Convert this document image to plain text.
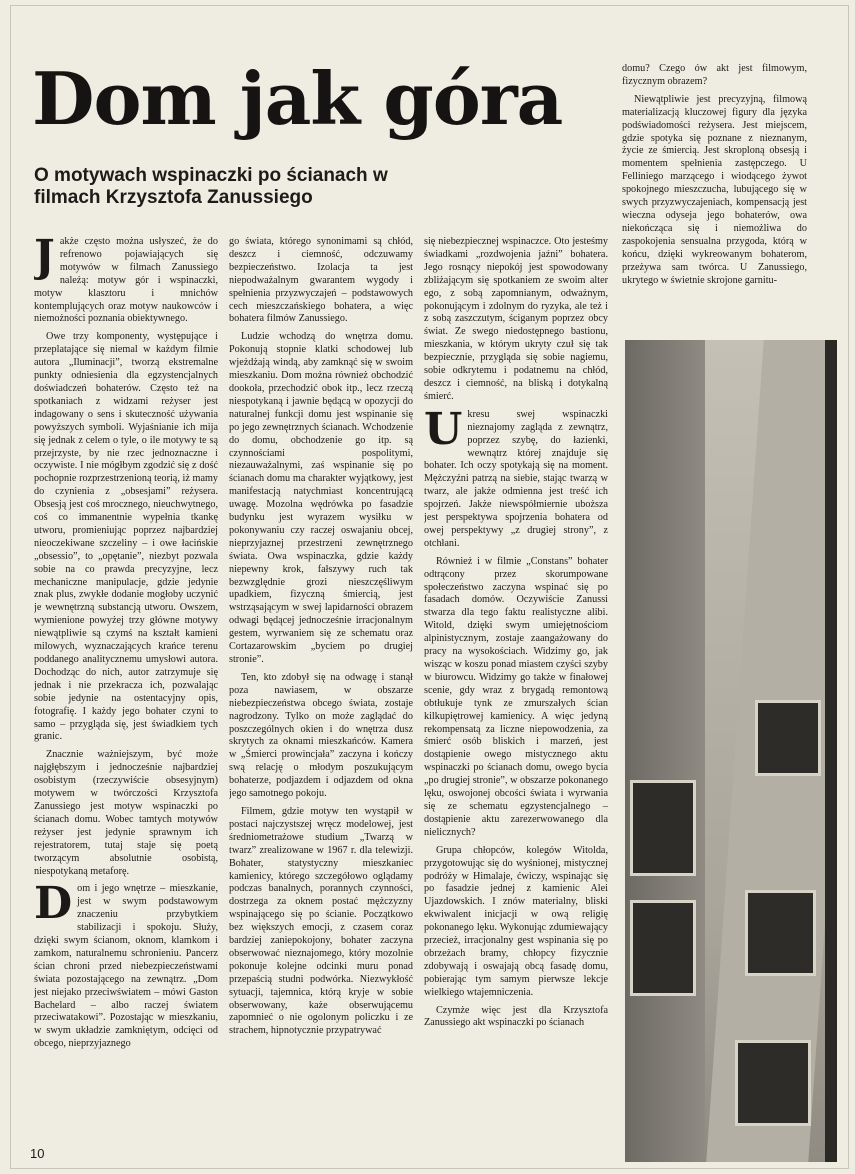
Dom jak góra
O motywach wspinaczki po ścianach w filmach Krzysztofa Zanussiego

Jakże często można usłyszeć, że do refrenowo pojawiających się motywów w filmach Zanussiego należą: motyw gór i wspinaczki, motyw klasztoru i mnichów kontemplujących oraz motyw naukowców i niemożności poznania obiektywnego.

Owe trzy komponenty, występujące i przeplatające się niemal w każdym filmie autora „Iluminacji”, tworzą ekstremalne punkty odniesienia dla egzystencjalnych doświadczeń bohaterów. Często też na spotkaniach z widzami reżyser jest indagowany o sens i skuteczność używania powyższych symboli. Wyjaśnianie ich mija się jednak z celem o tyle, o ile motywy te są przejrzyste, by nie rzec jednoznaczne i oczywiste. I nie mógłbym zgodzić się z dość pochopnie rozprzestrzenioną teorią, iż mamy do czynienia z „obsesjami” reżysera. Obsesją jest coś mrocznego, nieuchwytnego, coś co immanentnie wypełnia tkankę utworu, promieniując poprzez najbardziej nieoczekiwane szczeliny – i owe łacińskie „obsessio”, to „opętanie”, niezbyt pozwala sobie na co prawda precyzyjne, lecz mechaniczne manipulacje, gdzie jedynie znak plus, zwykłe dodanie mogłoby uczynić je wewnętrzną substancją utworu. Owszem, wymienione powyżej trzy główne motywy niewątpliwie są czymś na kształt kamieni milowych, wyznaczających krańce terenu poddanego analitycznemu umysłowi autora. Dochodząc do nich, autor zatrzymuje się jednak i nie przekracza ich, pozwalając sobie jedynie na ostentacyjny opis, fotografię. I każdy jego bohater czyni to samo – przygląda się, jest świadkiem tych granic.

Znacznie ważniejszym, być może najgłębszym i jednocześnie najbardziej osobistym (rzeczywiście obsesyjnym) motywem w twórczości Krzysztofa Zanussiego jest motyw wspinaczki po ścianach domu. Wobec tamtych motywów reżyser jest jedynie sprawnym ich rejestratorem, tutaj staje się poetą tworzącym absolutnie osobistą, niespotykaną metaforę.

Dom i jego wnętrze – mieszkanie, jest w swym podstawowym znaczeniu przybytkiem stabilizacji i spokoju. Służy, dzięki swym ścianom, oknom, klamkom i zamkom, naturalnemu schronieniu. Pancerz ścian chroni przed niebezpieczeństwami świata pozostającego na zewnątrz. „Dom jest niejako przeciwświatem – mówi Gaston Bachelard – albo raczej światem przeciwatakowi”. Pozostając w mieszkaniu, w swym układzie zamkniętym, odcięci od obcego, nieprzyjaznego

go świata, którego synonimami są chłód, deszcz i ciemność, odczuwamy bezpieczeństwo. Izolacja ta jest niepodważalnym gwarantem wygody i spełnienia przyzwyczajeń – podstawowych cech mieszczańskiego bohatera, a więc bohatera filmów Zanussiego.

Ludzie wchodzą do wnętrza domu. Pokonują stopnie klatki schodowej lub wjeżdżają windą, aby zamknąć się w swoim mieszkaniu. Dom można również obchodzić dookoła, przechodzić obok itp., lecz rzeczą niespotykaną i jawnie będącą w opozycji do naturalnej funkcji domu jest wspinanie się po jego zewnętrznych ścianach. Wchodzenie do domu, obchodzenie go itp. są czynnościami pospolitymi, niezauważalnymi, zaś wspinanie się po ścianach domu ma charakter wyjątkowy, jest manifestacją natychmiast koncentrującą uwagę. Mozolna wędrówka po fasadzie budynku jest wyrazem wysiłku w pokonywaniu czy raczej oswajaniu obcej, nieprzyjaznej przestrzeni zewnętrznego świata. Owa wspinaczka, gdzie każdy niepewny krok, fałszywy ruch tak bezwzględnie grozi nieszczęśliwym upadkiem, fizyczną śmiercią, jest wstrząsającym w swej lapidarności obrazem odwagi będącej jednocześnie irracjonalnym gestem, wyrwaniem się ze schematu oraz Cortazarowskim „byciem po drugiej stronie”.

Ten, kto zdobył się na odwagę i stanął poza nawiasem, w obszarze niebezpieczeństwa obcego świata, zostaje nagrodzony. Tylko on może zaglądać do poszczególnych okien i do wnętrza dusz skrytych za oknami mieszkańców. Kamera w „Śmierci prowincjała” zaczyna i kończy swą relację o młodym poszukującym bohaterze, podjazdem i odjazdem od okna jego samotnego pokoju.

Filmem, gdzie motyw ten wystąpił w postaci najczystszej wręcz modelowej, jest średniometrażowe studium „Twarzą w twarz” zrealizowane w 1967 r. dla telewizji. Bohater, statystyczny mieszkaniec kamienicy, którego szczegółowo oglądamy podczas banalnych, porannych czynności, dostrzega za oknem postać mężczyzny wspinającego się po ścianie. Początkowo bez większych emocji, z czasem coraz bardziej zaniepokojony, bohater zaczyna obserwować nieznajomego, który mozolnie pokonuje kolejne odcinki muru ponad przepaścią studni podwórka. Niezwykłość sytuacji, tajemnica, którą kryje w sobie obserwowany, każe obserwującemu zapomnieć o nie ogolonym policzku i ze strachem, hipnotycznie przypatrywać

się niebezpiecznej wspinaczce. Oto jesteśmy świadkami „rozdwojenia jaźni” bohatera. Jego rosnący niepokój jest spowodowany zbliżającym się spotkaniem ze swoim alter ego, z sobą zapomnianym, odważnym, pokonującym i zdolnym do ryzyka, ale też i z sobą zaszczutym, ściganym poprzez obcy świat. Ze swego niedostępnego bastionu, mieszkania, w którym ukryty czuł się tak bezpiecznie, przygląda się sobie nagiemu, sobie odkrytemu i podatnemu na chłód, deszcz i ciemność, na bliską i dotykalną śmierć.

Ukresu swej wspinaczki nieznajomy zagląda z zewnątrz, poprzez szybę, do łazienki, wewnątrz której znajduje się bohater. Ich oczy spotykają się na moment. Mężczyźni patrzą na siebie, stając twarzą w twarz, ale jakże odmienna jest treść ich spojrzeń. Jakże niewspółmiernie uboższa jest perspektywa spojrzenia bohatera od owej perspektywy „z drugiej strony”, z otchłani.

Również i w filmie „Constans” bohater odtrącony przez skorumpowane społeczeństwo zaczyna wspinać się po fasadach domów. Oczywiście Zanussi stwarza dla tego faktu realistyczne alibi. Witold, dzięki swym umiejętnościom alpinistycznym, zostaje zaangażowany do pracy na wysokościach. Widzimy go, jak wisząc w koszu ponad miastem czyści szyby w biurowcu. Widzimy go także w finałowej scenie, gdy wraz z brygadą remontową obtłukuje tynk ze zmurszałych ścian kilkupiętrowej kamienicy. A więc jedyną rekompensatą za liczne niepowodzenia, za śmierć osób bliskich i marzeń, jest dostąpienie owego mistycznego aktu wspinaczki po ścianach domu, owego bycia „po drugiej stronie”, w obszarze pokonanego lęku, oswojonej obcości świata i wyrwania się ze schematu egzystencjalnego – dostąpienie aktu zarezerwowanego dla nielicznych?

Grupa chłopców, kolegów Witolda, przygotowując się do wyśnionej, mistycznej podróży w Himalaje, ćwiczy, wspinając się po fasadzie jednej z kamienic Alei Ujazdowskich. I znów materialny, bliski ekwiwalent inicjacji w ową religię pokonanego lęku. Wykonując zdumiewający przecież, irracjonalny gest wspinania się po obrzeżach bramy, chłopcy fizycznie zdobywają i oswajają obcą fasadę domu, pobierając tym samym pierwsze lekcje wielkiego wtajemniczenia.

Czymże więc jest dla Krzysztofa Zanussiego akt wspinaczki po ścianach

domu? Czego ów akt jest filmowym, fizycznym obrazem?

Niewątpliwie jest precyzyjną, filmową materializacją kluczowej figury dla języka podświadomości reżysera. Jest miejscem, gdzie spotyka się poznane z nieznanym, życie ze śmiercią. Jest skroploną obsesją i momentem spełnienia zastępczego. U Felliniego marzącego i wiodącego żywot spokojnego mieszczucha, lubującego się w swych przyzwyczajeniach, kompensacją jest wieczna odyseja jego bohaterów, owa niekończąca się i niemożliwa do zaspokojenia sensualna przygoda, którą w końcu, dzięki wykreowanym bohaterom, przeżywa sam twórca. U Zanussiego, ukrytego w świetnie skrojone garnitu-

10
